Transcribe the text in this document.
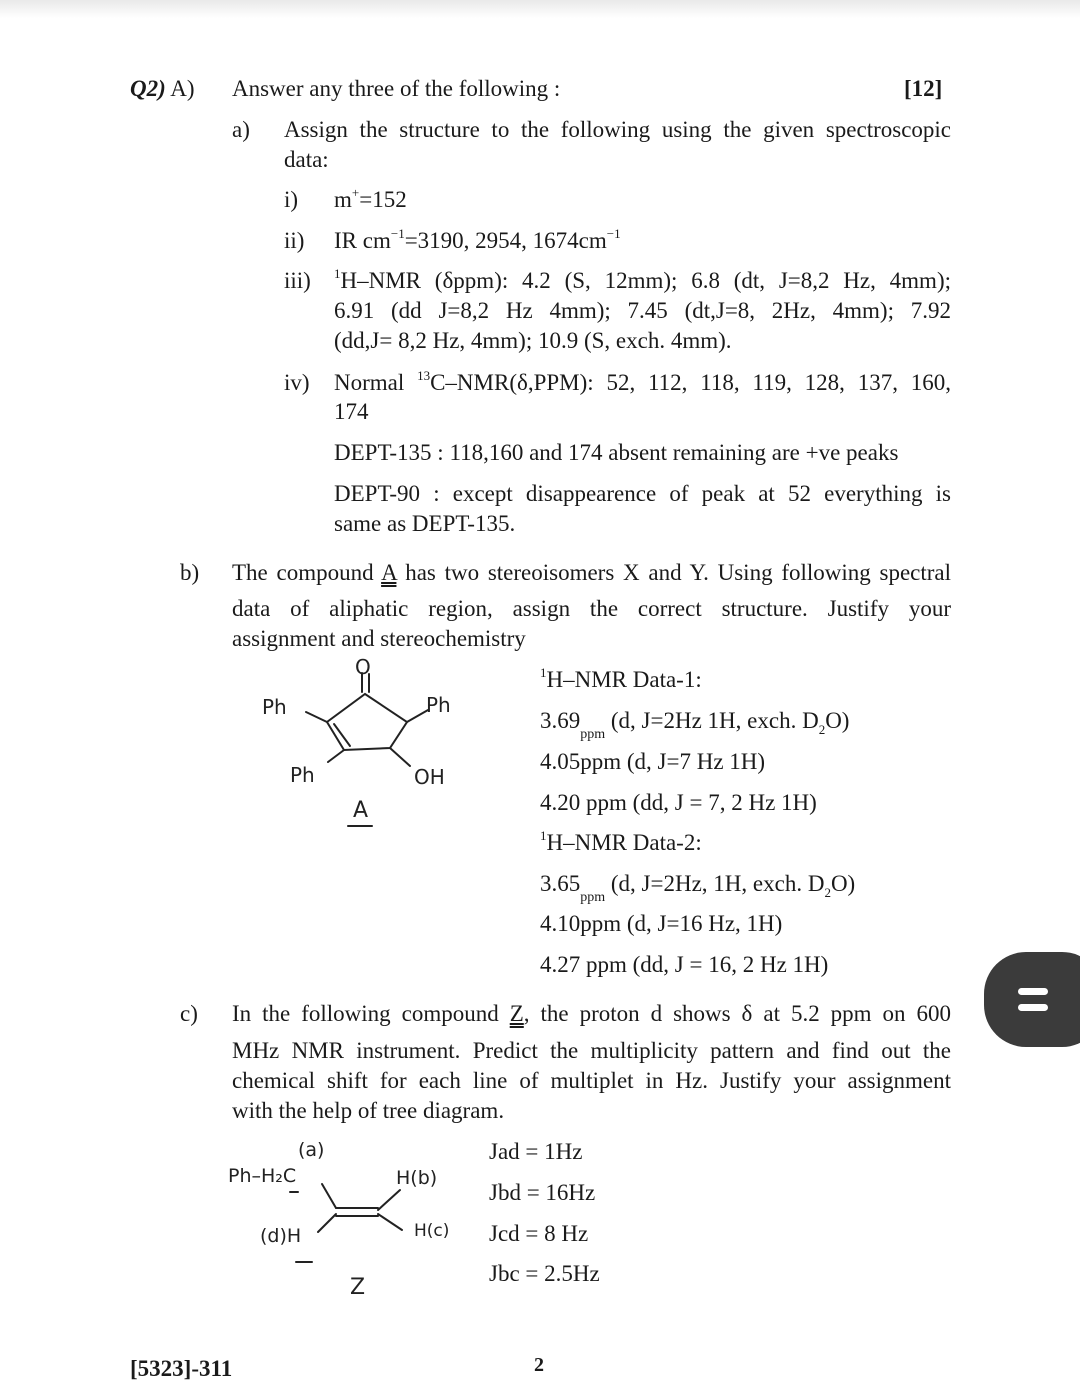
Q2) A) Answer any three of the following :	[12]
a) Assign the structure to the following using the given spectroscopic
data:
i) m+=152
ii) IR $cm^{-1}=3190$, 2954, $1674cm^{-1}$
iii) $^1$H–NMR (δppm): 4.2 (S, 12mm); 6.8 (dt, J=8,2 Hz, 4mm);
6.91 (dd J=8,2 Hz 4mm); 7.45 (dt,J=8, 2Hz, 4mm); 7.92
(dd,J= 8,2 Hz, 4mm); 10.9 (S, exch. 4mm).
iv) Normal $^{13}$C–NMR(δ,PPM): 52, 112, 118, 119, 128, 137, 160,
174
DEPT-135 : 118,160 and 174 absent remaining are +ve peaks
DEPT-90 : except disappearence of peak at 52 everything is
same as DEPT-135.
b) The compound A has two stereoisomers X and Y. Using following spectral
data of aliphatic region, assign the correct structure. Justify your
assignment and stereochemistry
O
Ph	Ph
Ph	OH
A
$^1$H–NMR Data-1:
$3.69_{ppm}$ (d, J=2Hz 1H, exch. $D_2O$)
4.05ppm (d, J=7 Hz 1H)
4.20 ppm (dd, J = 7, 2 Hz 1H)
$^1$H–NMR Data-2:
$3.65_{ppm}$ (d, J=2Hz, 1H, exch. $D_2O$)
4.10ppm (d, J=16 Hz, 1H)
4.27 ppm (dd, J = 16, 2 Hz 1H)
c) In the following compound Z, the proton d shows δ at 5.2 ppm on 600
MHz NMR instrument. Predict the multiplicity pattern and find out the
chemical shift for each line of multiplet in Hz. Justify your assignment
with the help of tree diagram.
(a)
Ph–H₂C	H(b)
H(c)
(d)H
Z
Jad = 1Hz
Jbd = 16Hz
Jcd = 8 Hz
Jbc = 2.5Hz
[5323]-311	2
